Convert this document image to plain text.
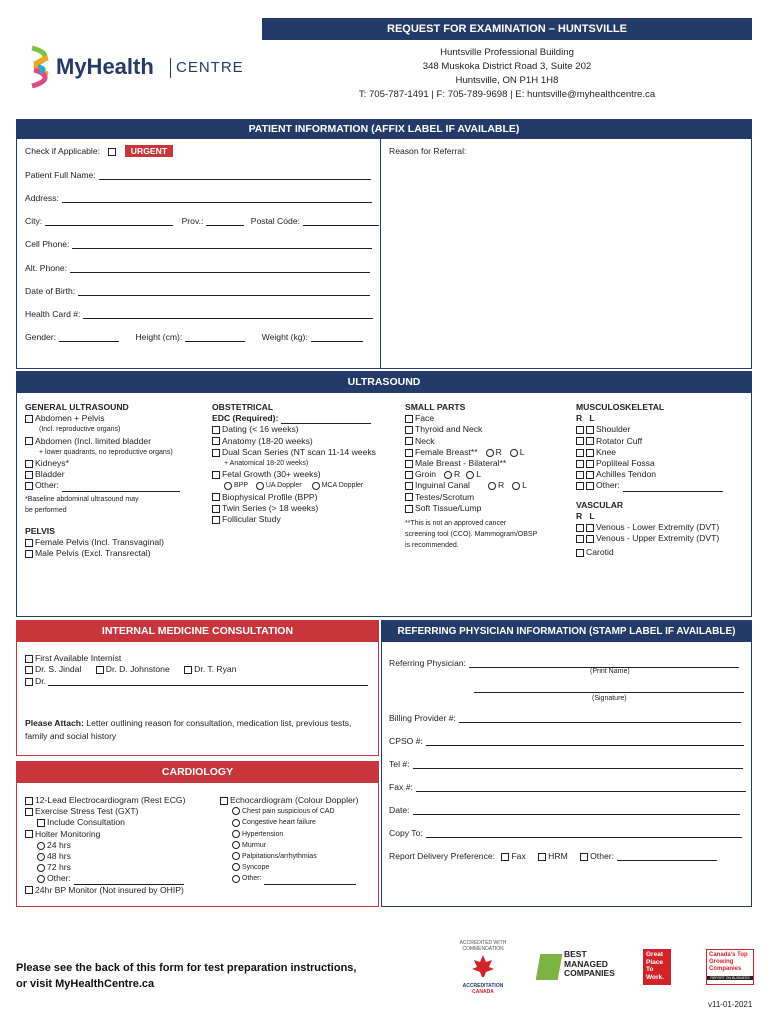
MyHealth CENTRE
REQUEST FOR EXAMINATION – HUNTSVILLE
Huntsville Professional Building
348 Muskoka District Road 3, Suite 202
Huntsville, ON P1H 1H8
T: 705-787-1491 | F: 705-789-9698 | E: huntsville@myhealthcentre.ca
PATIENT INFORMATION (AFFIX LABEL IF AVAILABLE)
Check if Applicable:	URGENT	Reason for Referral:
Patient Full Name:
Address:
City:	Prov.:	Postal Code:
Cell Phone:
Alt. Phone:
Date of Birth:
Health Card #:
Gender:	Height (cm):	Weight (kg):
ULTRASOUND
GENERAL ULTRASOUND
Abdomen + Pelvis
(Incl. reproductive organs)
Abdomen (Incl. limited bladder
+ lower quadrants, no reproductive organs)
Kidneys*
Bladder
Other:
*Baseline abdominal ultrasound may
be performed
PELVIS
Female Pelvis (Incl. Transvaginal)
Male Pelvis (Excl. Transrectal)
OBSTETRICAL
EDC (Required):
Dating (< 16 weeks)
Anatomy (18-20 weeks)
Dual Scan Series (NT scan 11-14 weeks
+ Anatomical 18-20 weeks)
Fetal Growth (30+ weeks)
BPP	UA Doppler	MCA Doppler
Biophysical Profile (BPP)
Twin Series (> 18 weeks)
Follicular Study
SMALL PARTS
Face
Thyroid and Neck
Neck
Female Breast** R L
Male Breast - Bilateral**
Groin R L
Inguinal Canal	R L
Testes/Scrotum
Soft Tissue/Lump
**This is not an approved cancer
screening tool (CCO). Mammogram/OBSP
is recommended.
MUSCULOSKELETAL
R   L
Shoulder
Rotator Cuff
Knee
Popliteal Fossa
Achilles Tendon
Other:
VASCULAR
R   L
Venous - Lower Extremity (DVT)
Venous - Upper Extremity (DVT)
Carotid
INTERNAL MEDICINE CONSULTATION
First Available Internist
Dr. S. Jindal	Dr. D. Johnstone	Dr. T. Ryan
Dr.
Please Attach: Letter outlining reason for consultation, medication list, previous tests,
family and social history
CARDIOLOGY
12-Lead Electrocardiogram (Rest ECG)
Exercise Stress Test (GXT)
Include Consultation
Holter Monitoring
24 hrs
48 hrs
72 hrs
Other:
24hr BP Monitor (Not insured by OHIP)
Echocardiogram (Colour Doppler)
Chest pain suspicious of CAD
Congestive heart failure
Hypertension
Murmur
Palpitations/arrhythmias
Syncope
Other:
REFERRING PHYSICIAN INFORMATION (STAMP LABEL IF AVAILABLE)
Referring Physician:
(Print Name)
(Signature)
Billing Provider #:
CPSO #:
Tel #:
Fax #:
Date:
Copy To:
Report Delivery Preference: Fax	HRM	Other:
Please see the back of this form for test preparation instructions,
or visit MyHealthCentre.ca
ACCREDITED WITH COMMENDATION
ACCREDITATION
CANADA
BEST MANAGED COMPANIES
Great Place To Work.
Canada's Top Growing Companies
REPORT ON BUSINESS
v11-01-2021
